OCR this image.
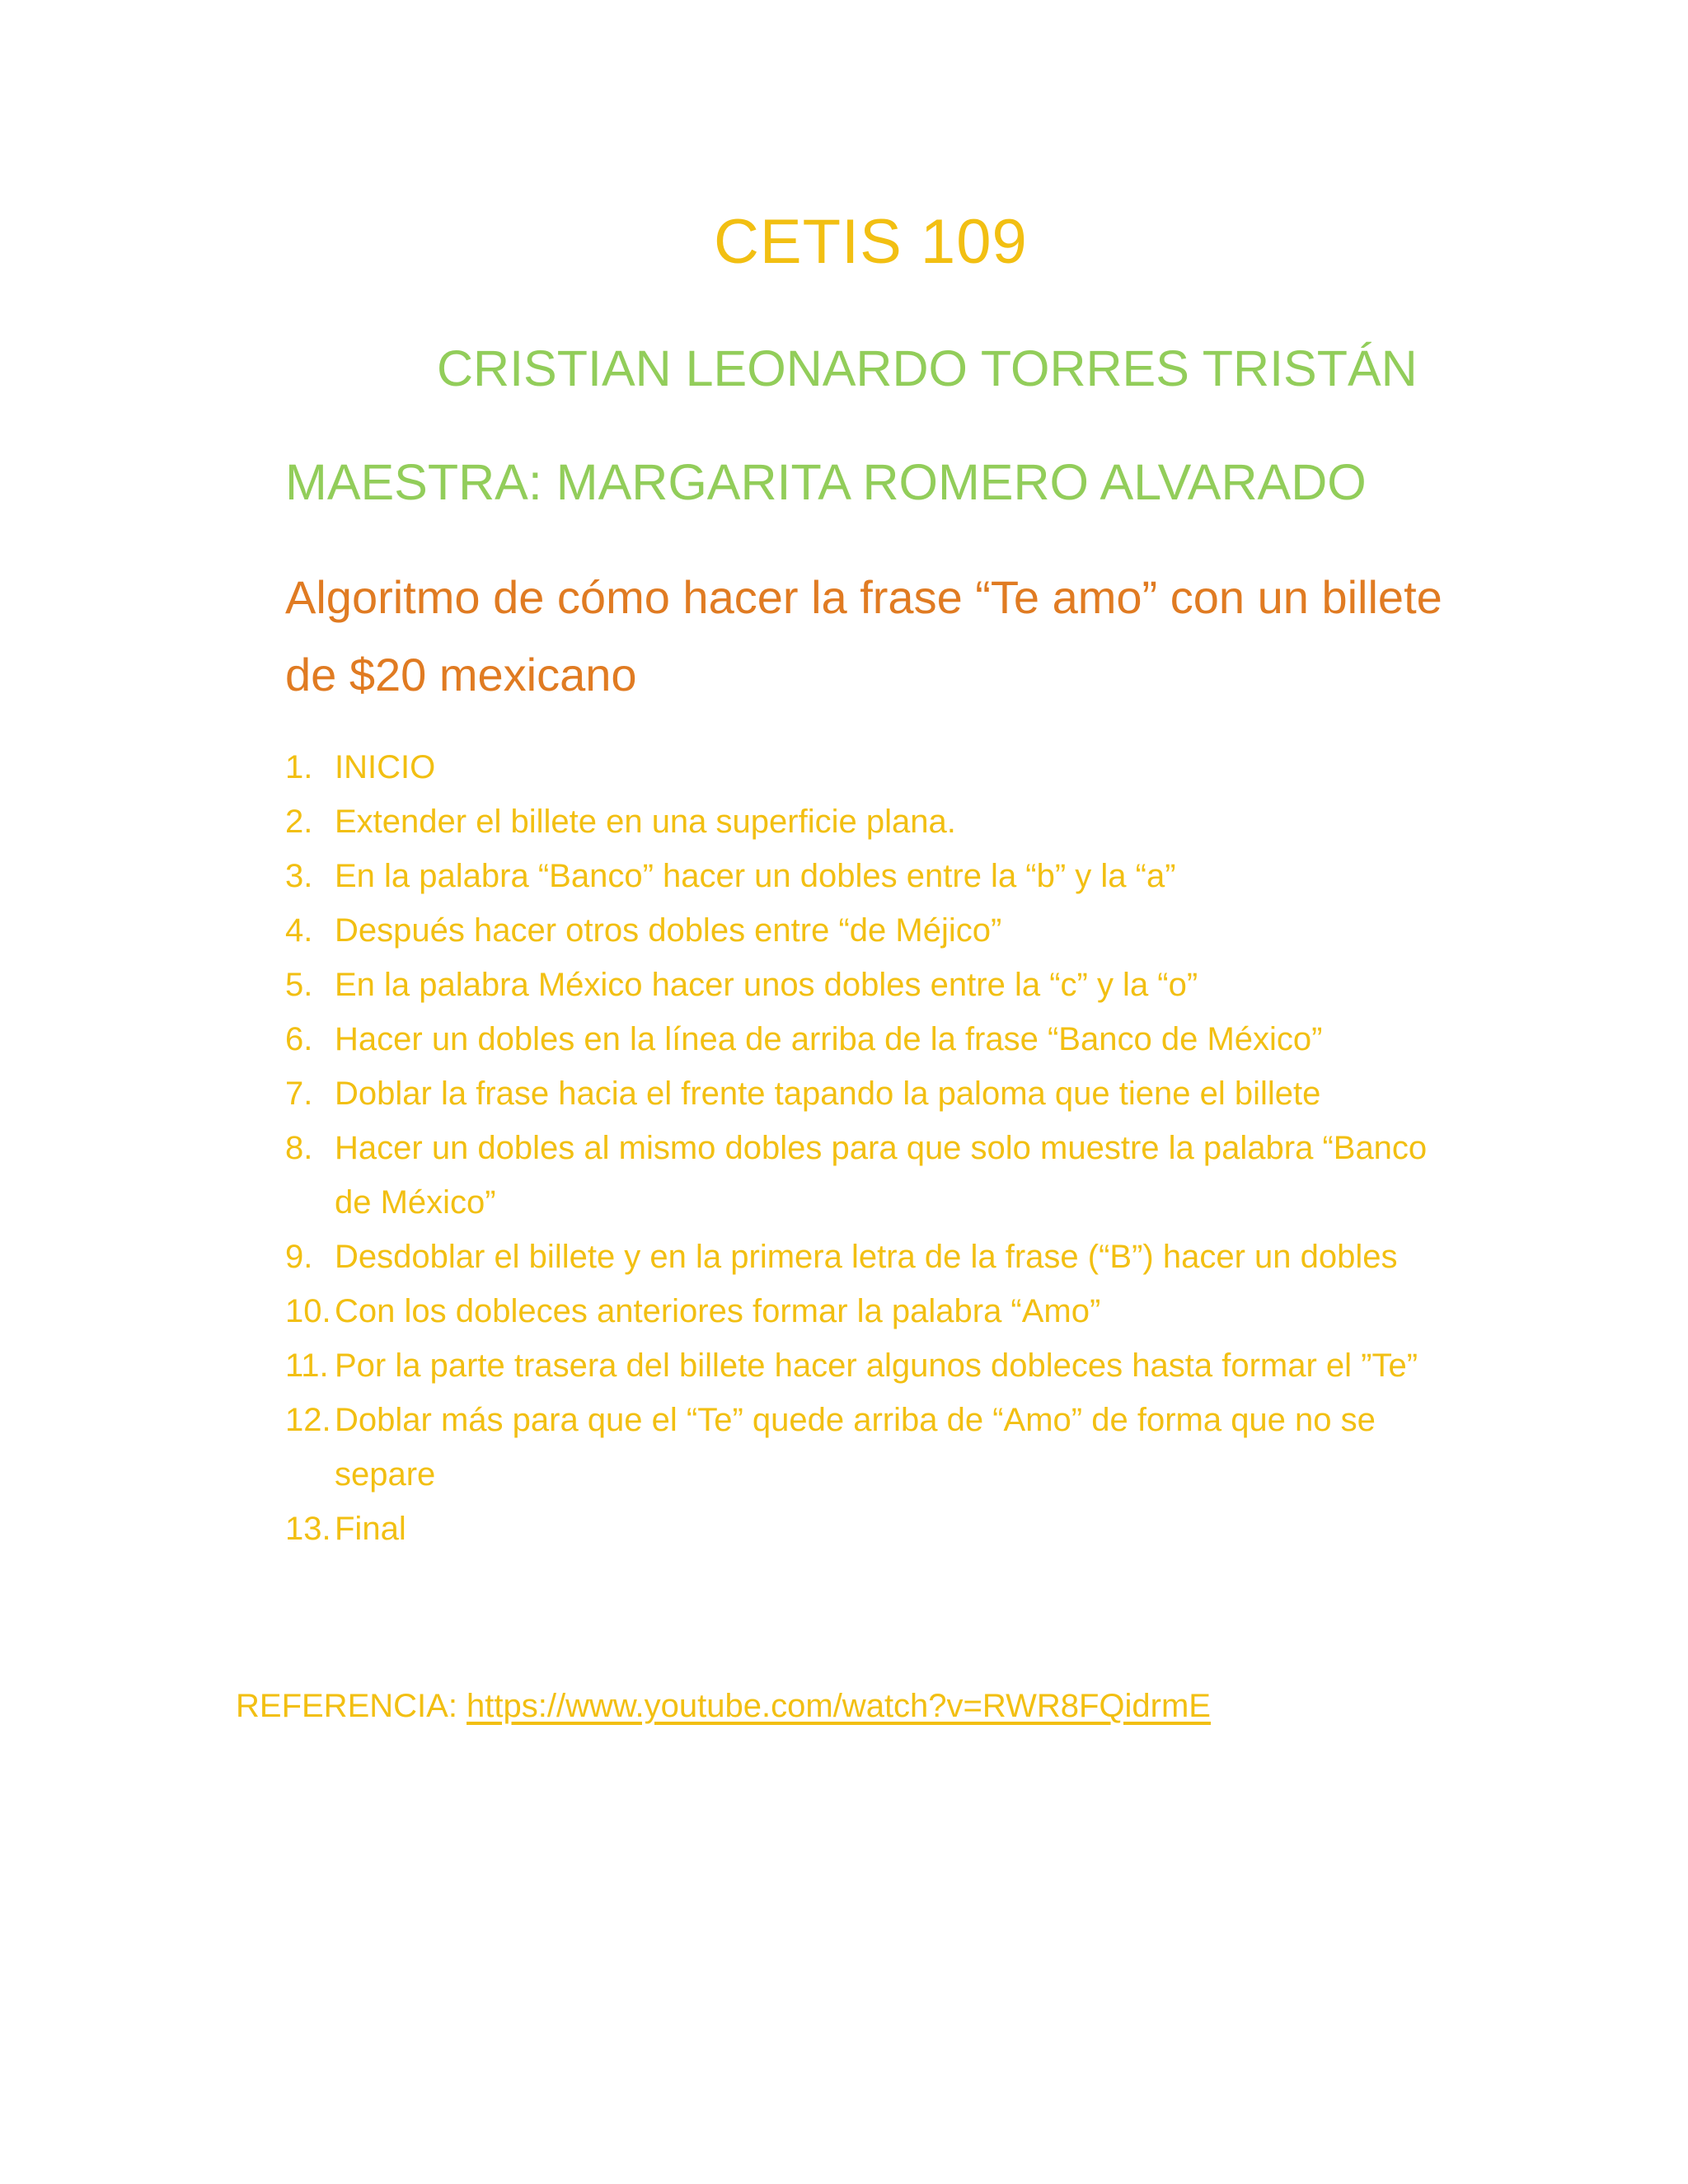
CETIS 109
CRISTIAN LEONARDO TORRES TRISTÁN
MAESTRA: MARGARITA ROMERO ALVARADO
Algoritmo de cómo hacer la frase “Te amo” con un billete de $20 mexicano
1. INICIO
2. Extender el billete en una superficie plana.
3. En la palabra “Banco” hacer un dobles entre la “b” y la “a”
4. Después hacer otros dobles entre “de Méjico”
5. En la palabra México hacer unos dobles entre la “c” y la “o”
6. Hacer un dobles en la línea de arriba de la frase “Banco de México”
7. Doblar la frase hacia el frente tapando la paloma que tiene el billete
8. Hacer un dobles al mismo dobles para que solo muestre la palabra “Banco de México”
9. Desdoblar el billete y en la primera letra de la frase (“B”) hacer un dobles
10. Con los dobleces anteriores formar la palabra “Amo”
11. Por la parte trasera del billete hacer algunos dobleces hasta formar el ”Te”
12. Doblar más para que el “Te” quede arriba de “Amo” de forma que no se separe
13. Final
REFERENCIA: https://www.youtube.com/watch?v=RWR8FQidrmE
